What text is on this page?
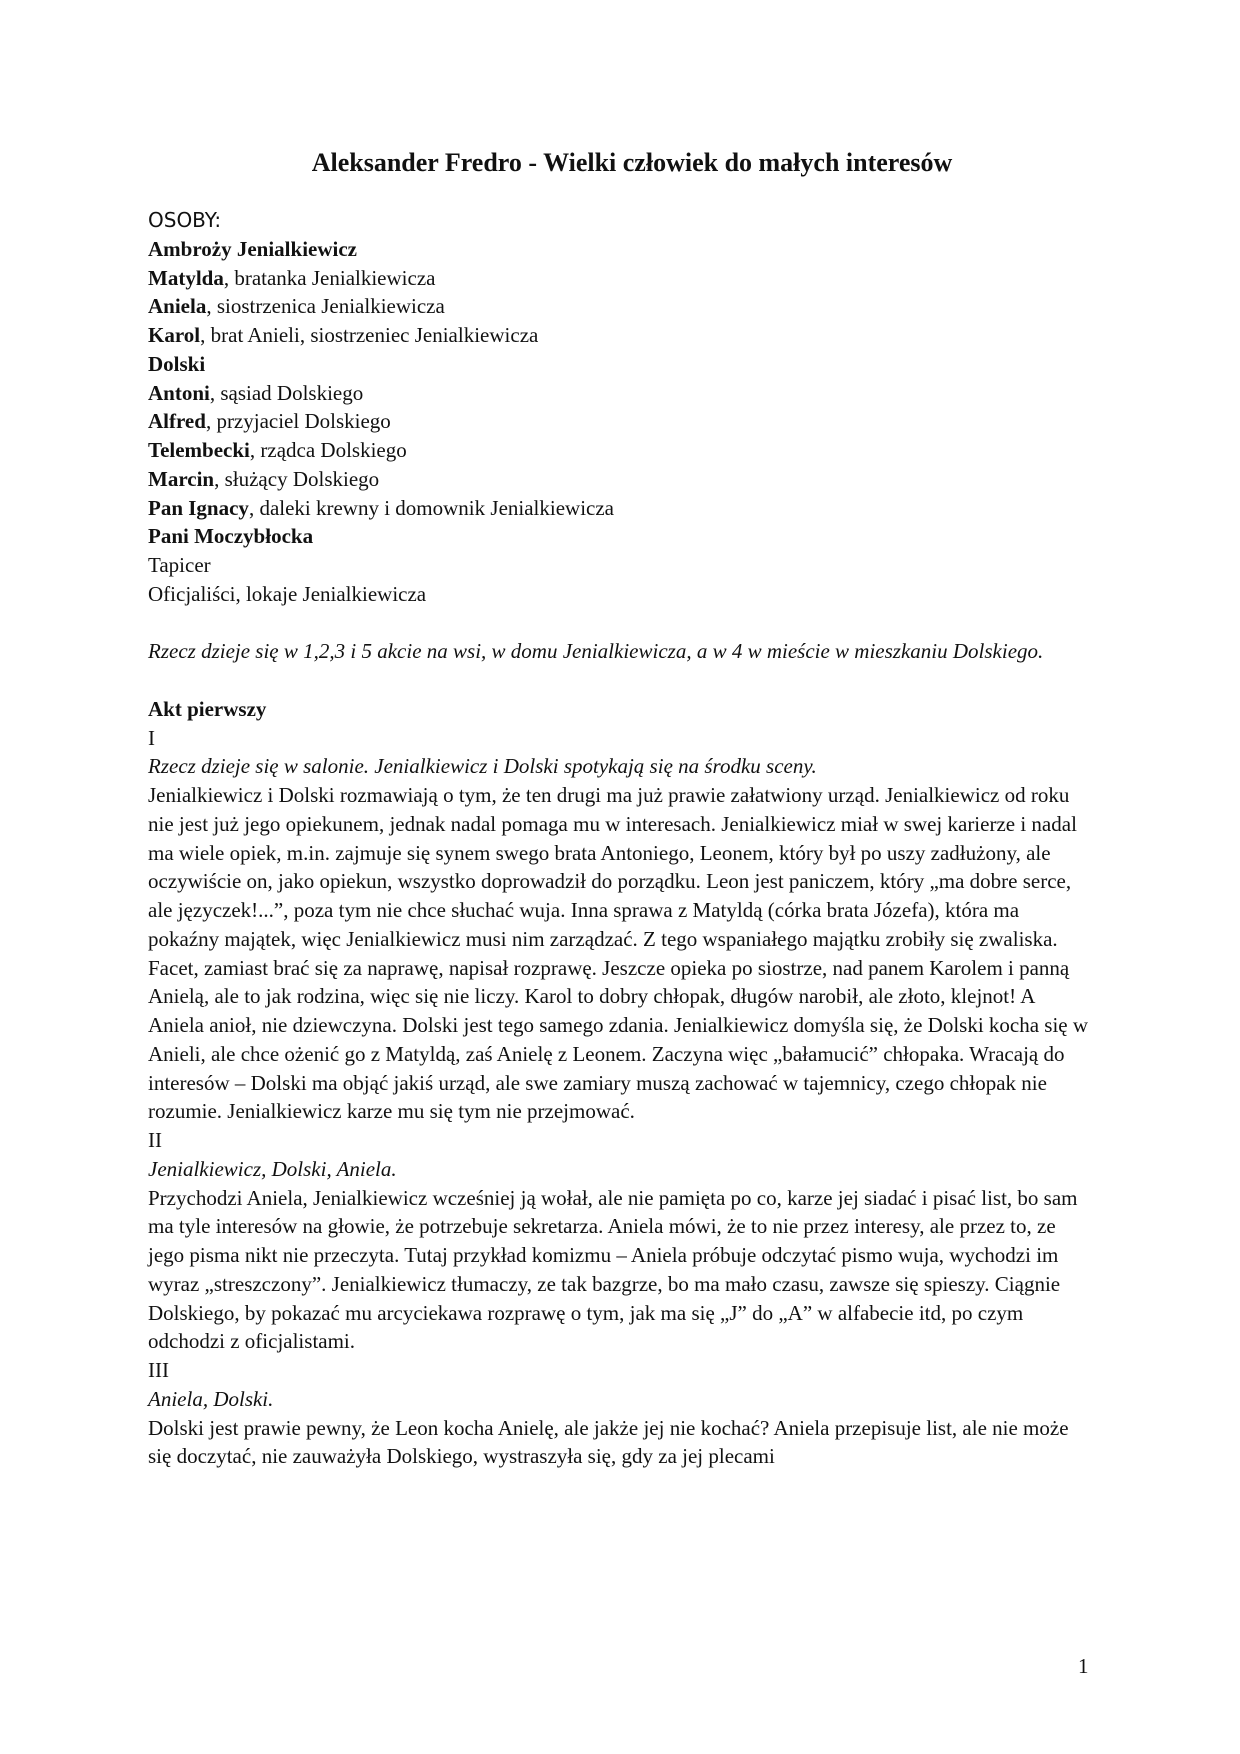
Aleksander Fredro - Wielki człowiek do małych interesów
OSOBY:
Ambroży Jenialkiewicz
Matylda, bratanka Jenialkiewicza
Aniela, siostrzenica Jenialkiewicza
Karol, brat Anieli, siostrzeniec Jenialkiewicza
Dolski
Antoni, sąsiad Dolskiego
Alfred, przyjaciel Dolskiego
Telembecki, rządca Dolskiego
Marcin, służący Dolskiego
Pan Ignacy, daleki krewny i domownik Jenialkiewicza
Pani Moczybłocka
Tapicer
Oficjaliści, lokaje Jenialkiewicza

Rzecz dzieje się w 1,2,3 i 5 akcie na wsi, w domu Jenialkiewicza, a w 4 w mieście w mieszkaniu Dolskiego.

Akt pierwszy
I

Rzecz dzieje się w salonie. Jenialkiewicz i Dolski spotykają się na środku sceny.

Jenialkiewicz i Dolski rozmawiają o tym, że ten drugi ma już prawie załatwiony urząd. Jenialkiewicz od roku nie jest już jego opiekunem, jednak nadal pomaga mu w interesach. Jenialkiewicz miał w swej karierze i nadal ma wiele opiek, m.in. zajmuje się synem swego brata Antoniego, Leonem, który był po uszy zadłużony, ale oczywiście on, jako opiekun, wszystko doprowadził do porządku. Leon jest paniczem, który „ma dobre serce, ale języczek!...”, poza tym nie chce słuchać wuja. Inna sprawa z Matyldą (córka brata Józefa), która ma pokaźny majątek, więc Jenialkiewicz musi nim zarządzać. Z tego wspaniałego majątku zrobiły się zwaliska. Facet, zamiast brać się za naprawę, napisał rozprawę. Jeszcze opieka po siostrze, nad panem Karolem i panną Anielą, ale to jak rodzina, więc się nie liczy. Karol to dobry chłopak, długów narobił, ale złoto, klejnot! A Aniela anioł, nie dziewczyna. Dolski jest tego samego zdania. Jenialkiewicz domyśla się, że Dolski kocha się w Anieli, ale chce ożenić go z Matyldą, zaś Anielę z Leonem. Zaczyna więc „bałamucić” chłopaka. Wracają do interesów – Dolski ma objąć jakiś urząd, ale swe zamiary muszą zachować w tajemnicy, czego chłopak nie rozumie. Jenialkiewicz karze mu się tym nie przejmować.

II

Jenialkiewicz, Dolski, Aniela.

Przychodzi Aniela, Jenialkiewicz wcześniej ją wołał, ale nie pamięta po co, karze jej siadać i pisać list, bo sam ma tyle interesów na głowie, że potrzebuje sekretarza. Aniela mówi, że to nie przez interesy, ale przez to, ze jego pisma nikt nie przeczyta. Tutaj przykład komizmu – Aniela próbuje odczytać pismo wuja, wychodzi im wyraz „streszczony”. Jenialkiewicz tłumaczy, ze tak bazgrze, bo ma mało czasu, zawsze się spieszy. Ciągnie Dolskiego, by pokazać mu arcyciekawa rozprawę o tym, jak ma się „J” do „A” w alfabecie itd, po czym odchodzi z oficjalistami.

III

Aniela, Dolski.

Dolski jest prawie pewny, że Leon kocha Anielę, ale jakże jej nie kochać? Aniela przepisuje list, ale nie może się doczytać, nie zauważyła Dolskiego, wystraszyła się, gdy za jej plecami

1
